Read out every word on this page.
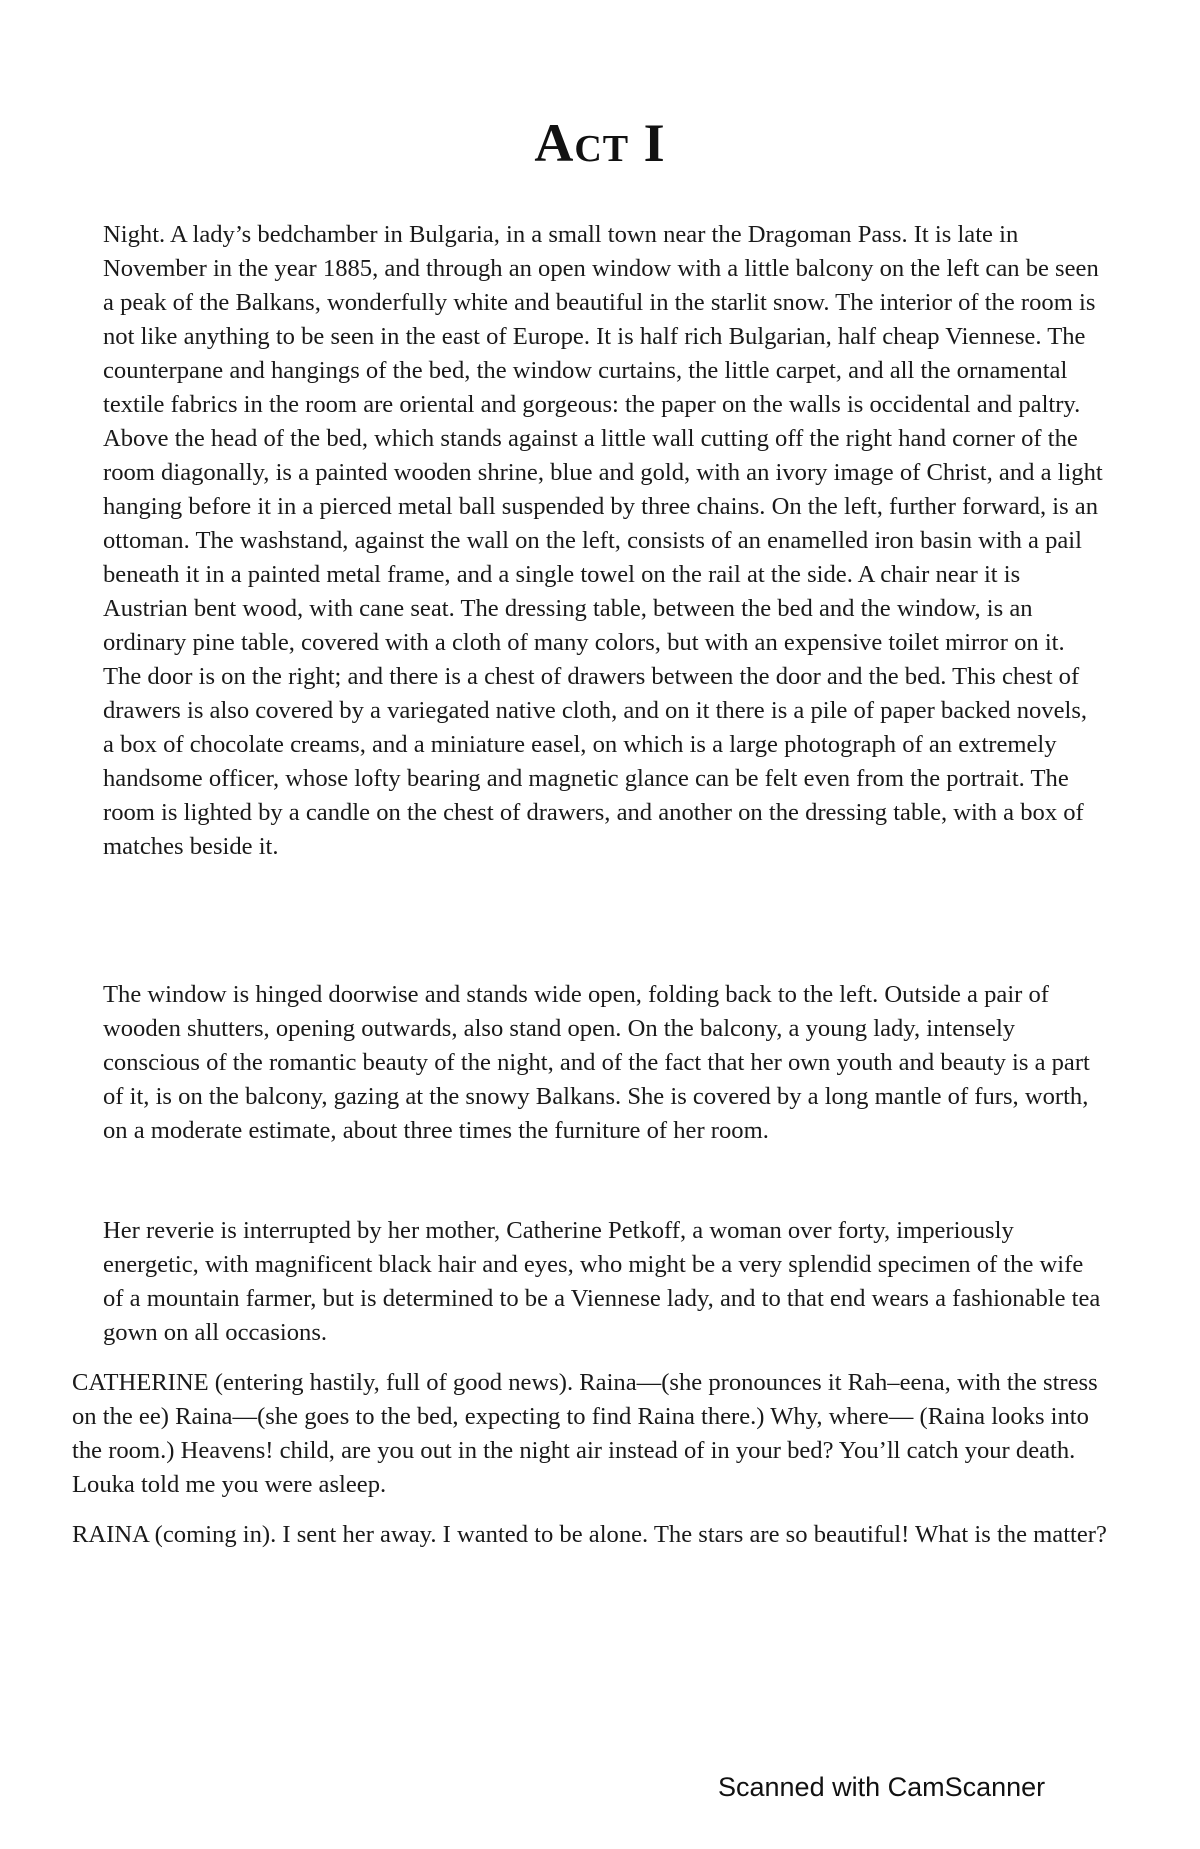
Act I

Night. A lady’s bedchamber in Bulgaria, in a small town near the Dragoman Pass. It is late in November in the year 1885, and through an open window with a little balcony on the left can be seen a peak of the Balkans, wonderfully white and beautiful in the starlit snow. The interior of the room is not like anything to be seen in the east of Europe. It is half rich Bulgarian, half cheap Viennese. The counterpane and hangings of the bed, the window curtains, the little carpet, and all the ornamental textile fabrics in the room are oriental and gorgeous: the paper on the walls is occidental and paltry. Above the head of the bed, which stands against a little wall cutting off the right hand corner of the room diagonally, is a painted wooden shrine, blue and gold, with an ivory image of Christ, and a light hanging before it in a pierced metal ball suspended by three chains. On the left, further forward, is an ottoman. The washstand, against the wall on the left, consists of an enamelled iron basin with a pail beneath it in a painted metal frame, and a single towel on the rail at the side. A chair near it is Austrian bent wood, with cane seat. The dressing table, between the bed and the window, is an ordinary pine table, covered with a cloth of many colors, but with an expensive toilet mirror on it. The door is on the right; and there is a chest of drawers between the door and the bed. This chest of drawers is also covered by a variegated native cloth, and on it there is a pile of paper backed novels, a box of chocolate creams, and a miniature easel, on which is a large photograph of an extremely handsome officer, whose lofty bearing and magnetic glance can be felt even from the portrait. The room is lighted by a candle on the chest of drawers, and another on the dressing table, with a box of matches beside it.

The window is hinged doorwise and stands wide open, folding back to the left. Outside a pair of wooden shutters, opening outwards, also stand open. On the balcony, a young lady, intensely conscious of the romantic beauty of the night, and of the fact that her own youth and beauty is a part of it, is on the balcony, gazing at the snowy Balkans. She is covered by a long mantle of furs, worth, on a moderate estimate, about three times the furniture of her room.

Her reverie is interrupted by her mother, Catherine Petkoff, a woman over forty, imperiously energetic, with magnificent black hair and eyes, who might be a very splendid specimen of the wife of a mountain farmer, but is determined to be a Viennese lady, and to that end wears a fashionable tea gown on all occasions.

CATHERINE (entering hastily, full of good news). Raina—(she pronounces it Rah–eena, with the stress on the ee) Raina—(she goes to the bed, expecting to find Raina there.) Why, where— (Raina looks into the room.) Heavens! child, are you out in the night air instead of in your bed? You’ll catch your death. Louka told me you were asleep.

RAINA (coming in). I sent her away. I wanted to be alone. The stars are so beautiful! What is the matter?

Scanned with CamScanner
